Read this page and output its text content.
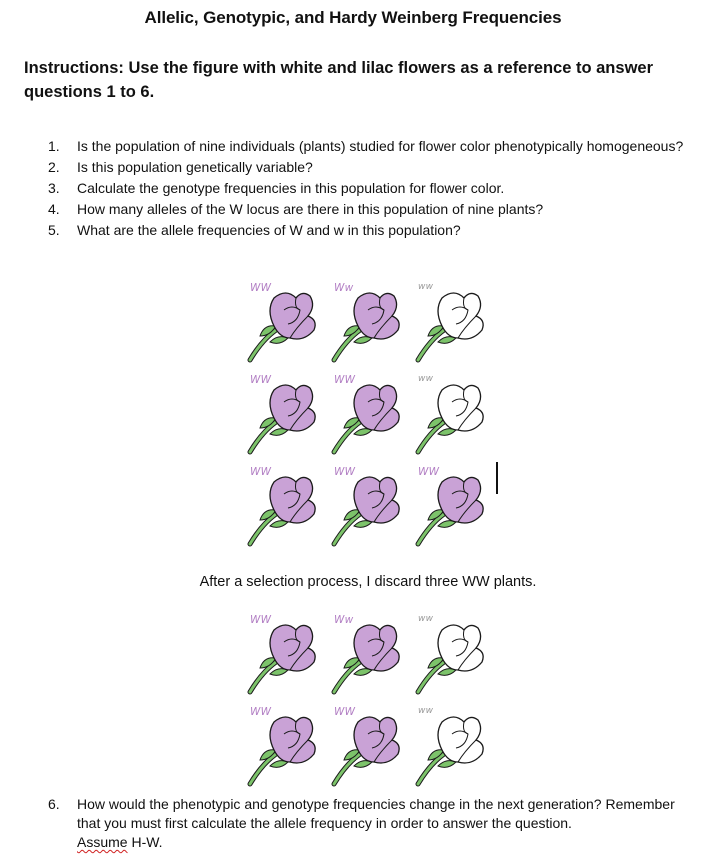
Allelic, Genotypic, and Hardy Weinberg Frequencies
Instructions: Use the figure with white and lilac flowers as a reference to answer questions 1 to 6.
1. Is the population of nine individuals (plants) studied for flower color phenotypically homogeneous?
2. Is this population genetically variable?
3. Calculate the genotype frequencies in this population for flower color.
4. How many alleles of the W locus are there in this population of nine plants?
5. What are the allele frequencies of W and w in this population?
WW	Ww	ww
WW	WW	ww
WW	WW	WW
After a selection process, I discard three WW plants.
WW	Ww	ww
WW	WW	ww
6. How would the phenotypic and genotype frequencies change in the next generation? Remember that you must first calculate the allele frequency in order to answer the question.
Assume H-W.
